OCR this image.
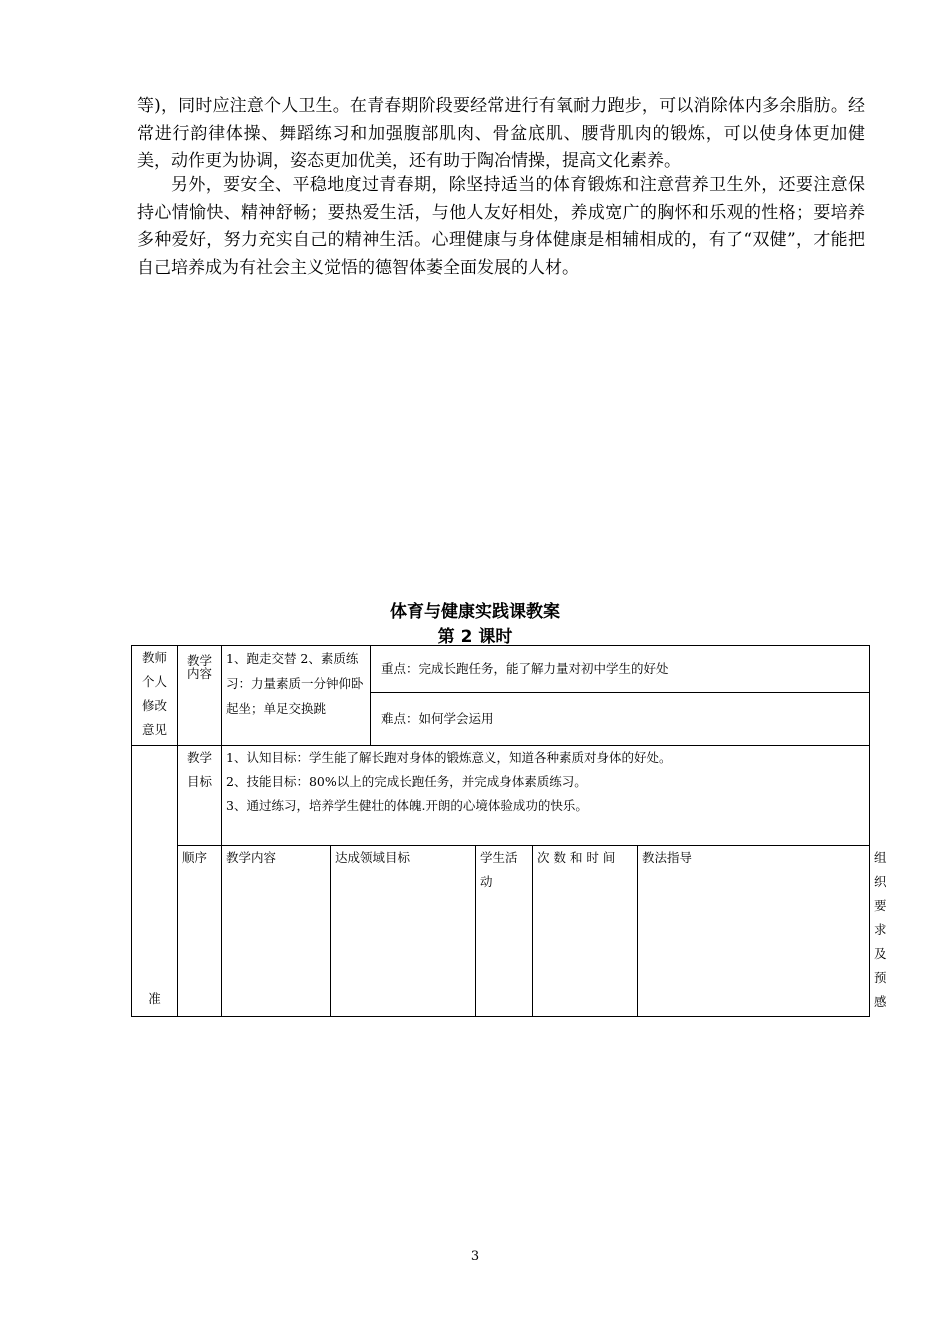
等)，同时应注意个人卫生。在青春期阶段要经常进行有氧耐力跑步，可以消除体内多余脂肪。经常进行韵律体操、舞蹈练习和加强腹部肌肉、骨盆底肌、腰背肌肉的锻炼，可以使身体更加健美，动作更为协调，姿态更加优美，还有助于陶冶情操，提高文化素养。

另外，要安全、平稳地度过青春期，除坚持适当的体育锻炼和注意营养卫生外，还要注意保持心情愉快、精神舒畅；要热爱生活，与他人友好相处，养成宽广的胸怀和乐观的性格；要培养多种爱好，努力充实自己的精神生活。心理健康与身体健康是相辅相成的，有了“双健”，才能把自己培养成为有社会主义觉悟的德智体萎全面发展的人材。

体育与健康实践课教案
第 2 课时
教师个人修改意见	教学内容	1、跑走交替 2、素质练习：力量素质一分钟仰卧起坐；单足交换跳		重点：完成长跑任务，能了解力量对初中学生的好处				
				难点：如何学会运用				
准	教学目标	1、认知目标：学生能了解长跑对身体的锻炼意义，知道各种素质对身体的好处。
2、技能目标：80%以上的完成长跑任务，并完成身体素质练习。
3、通过练习，培养学生健壮的体魄.开朗的心境体验成功的快乐。						

	顺序	教学内容	达成领域目标		学生活动	次 数 和 时 间	教法指导	组织要求及预感
3
